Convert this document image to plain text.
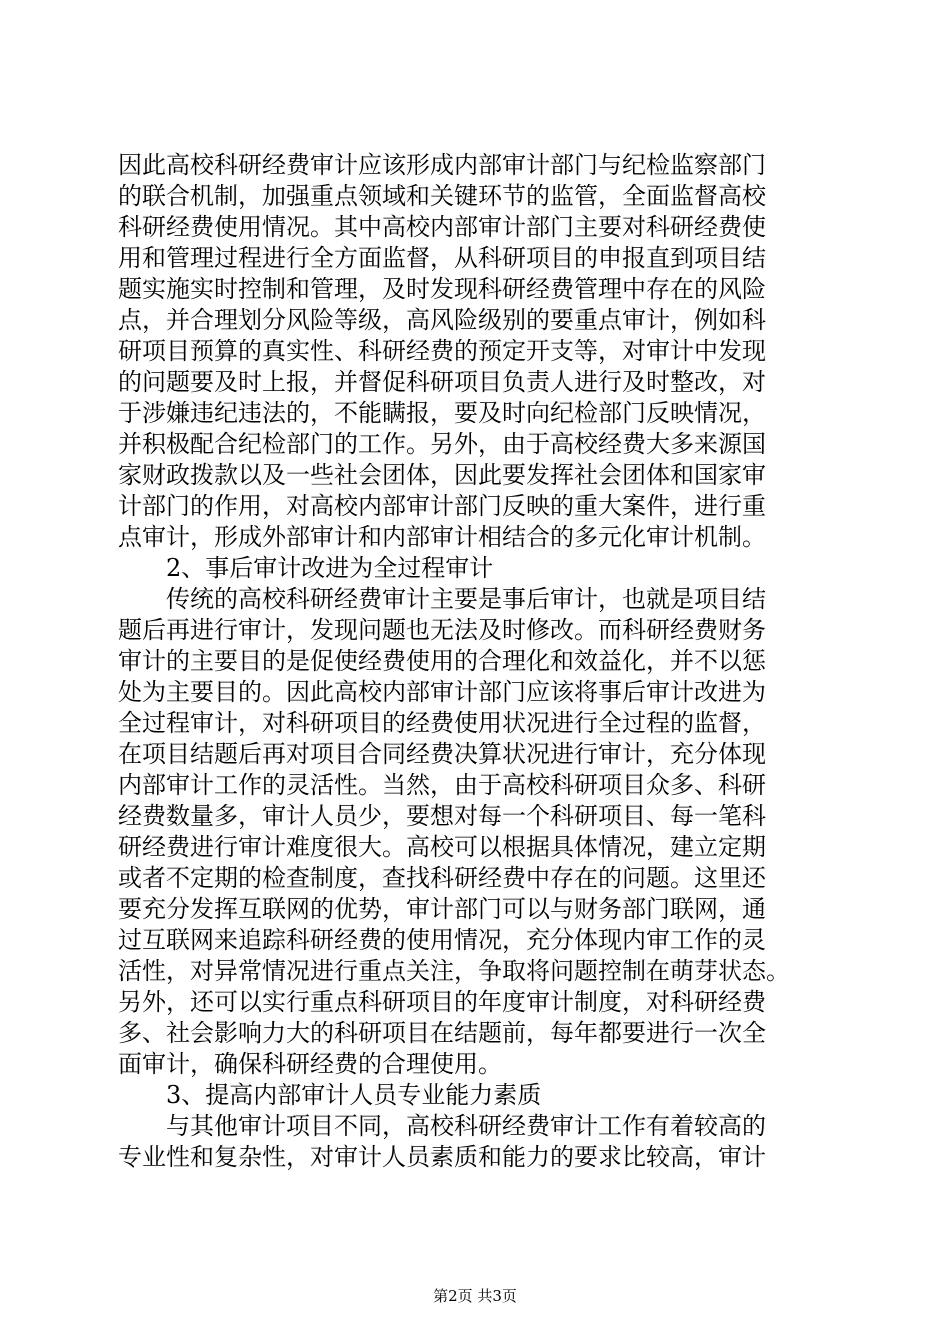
因此高校科研经费审计应该形成内部审计部门与纪检监察部门
的联合机制，加强重点领域和关键环节的监管，全面监督高校
科研经费使用情况。其中高校内部审计部门主要对科研经费使
用和管理过程进行全方面监督，从科研项目的申报直到项目结
题实施实时控制和管理，及时发现科研经费管理中存在的风险
点，并合理划分风险等级，高风险级别的要重点审计，例如科
研项目预算的真实性、科研经费的预定开支等，对审计中发现
的问题要及时上报，并督促科研项目负责人进行及时整改，对
于涉嫌违纪违法的，不能瞒报，要及时向纪检部门反映情况，
并积极配合纪检部门的工作。另外，由于高校经费大多来源国
家财政拨款以及一些社会团体，因此要发挥社会团体和国家审
计部门的作用，对高校内部审计部门反映的重大案件，进行重
点审计，形成外部审计和内部审计相结合的多元化审计机制。
　　2、事后审计改进为全过程审计
　　传统的高校科研经费审计主要是事后审计，也就是项目结
题后再进行审计，发现问题也无法及时修改。而科研经费财务
审计的主要目的是促使经费使用的合理化和效益化，并不以惩
处为主要目的。因此高校内部审计部门应该将事后审计改进为
全过程审计，对科研项目的经费使用状况进行全过程的监督，
在项目结题后再对项目合同经费决算状况进行审计，充分体现
内部审计工作的灵活性。当然，由于高校科研项目众多、科研
经费数量多，审计人员少，要想对每一个科研项目、每一笔科
研经费进行审计难度很大。高校可以根据具体情况，建立定期
或者不定期的检查制度，查找科研经费中存在的问题。这里还
要充分发挥互联网的优势，审计部门可以与财务部门联网，通
过互联网来追踪科研经费的使用情况，充分体现内审工作的灵
活性，对异常情况进行重点关注，争取将问题控制在萌芽状态。
另外，还可以实行重点科研项目的年度审计制度，对科研经费
多、社会影响力大的科研项目在结题前，每年都要进行一次全
面审计，确保科研经费的合理使用。
　　3、提高内部审计人员专业能力素质
　　与其他审计项目不同，高校科研经费审计工作有着较高的
专业性和复杂性，对审计人员素质和能力的要求比较高，审计
第2页 共3页
